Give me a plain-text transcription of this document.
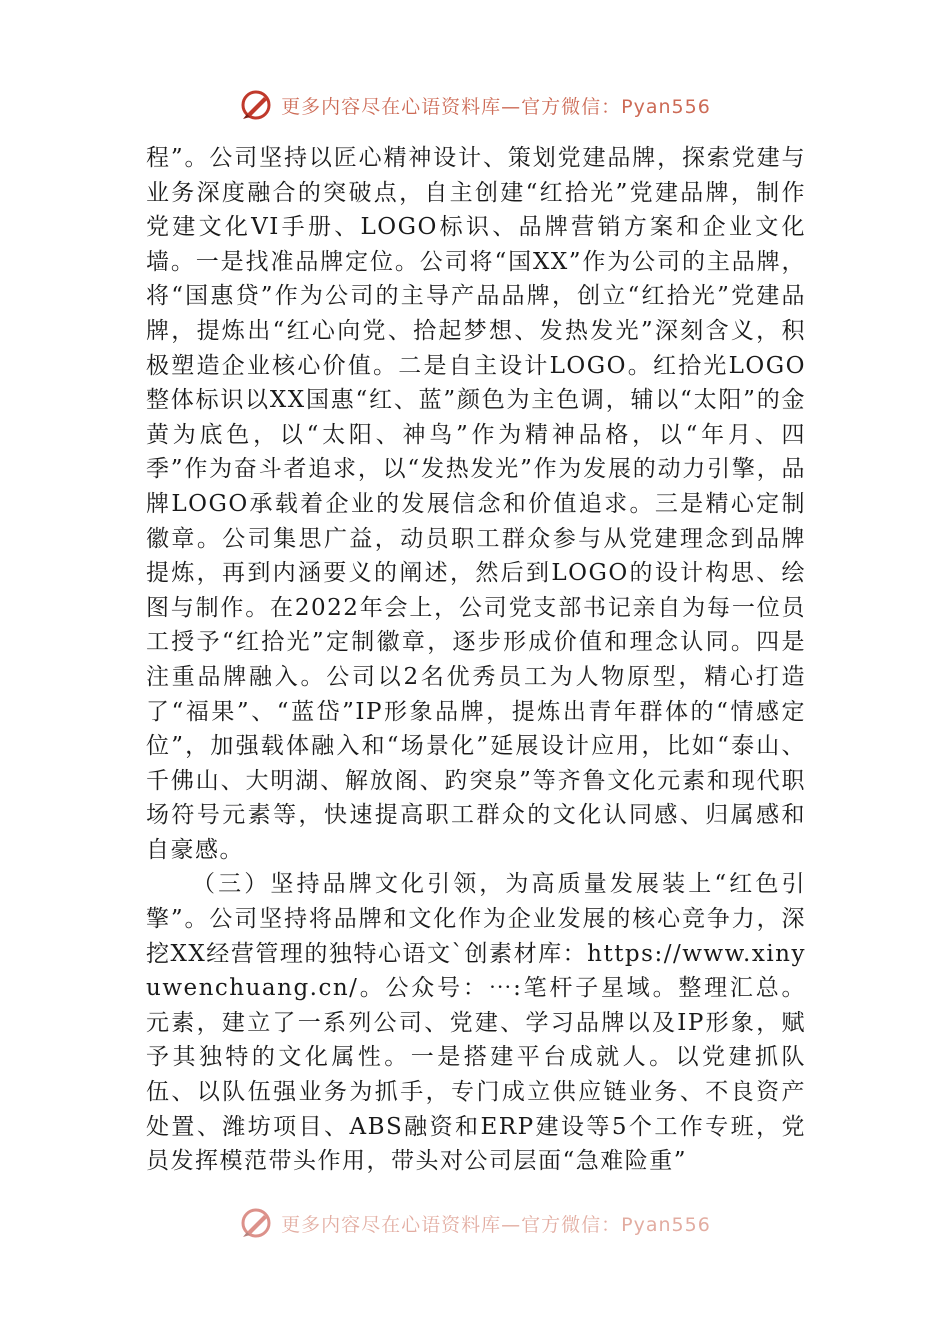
更多内容尽在心语资料库—官方微信：Pyan556

程”。公司坚持以匠心精神设计、策划党建品牌，探索党建与业务深度融合的突破点，自主创建“红拾光”党建品牌，制作党建文化VI手册、LOGO标识、品牌营销方案和企业文化墙。一是找准品牌定位。公司将“国XX”作为公司的主品牌，将“国惠贷”作为公司的主导产品品牌，创立“红拾光”党建品牌，提炼出“红心向党、拾起梦想、发热发光”深刻含义，积极塑造企业核心价值。二是自主设计LOGO。红拾光LOGO整体标识以XX国惠“红、蓝”颜色为主色调，辅以“太阳”的金黄为底色，以“太阳、神鸟”作为精神品格，以“年月、四季”作为奋斗者追求，以“发热发光”作为发展的动力引擎，品牌LOGO承载着企业的发展信念和价值追求。三是精心定制徽章。公司集思广益，动员职工群众参与从党建理念到品牌提炼，再到内涵要义的阐述，然后到LOGO的设计构思、绘图与制作。在2022年会上，公司党支部书记亲自为每一位员工授予“红拾光”定制徽章，逐步形成价值和理念认同。四是注重品牌融入。公司以2名优秀员工为人物原型，精心打造了“福果”、“蓝岱”IP形象品牌，提炼出青年群体的“情感定位”，加强载体融入和“场景化”延展设计应用，比如“泰山、千佛山、大明湖、解放阁、趵突泉”等齐鲁文化元素和现代职场符号元素等，快速提高职工群众的文化认同感、归属感和自豪感。

（三）坚持品牌文化引领，为高质量发展装上“红色引擎”。公司坚持将品牌和文化作为企业发展的核心竞争力，深挖XX经营管理的独特心语文`创素材库：https://www.xinyuwenchuang.cn/。公众号：⋯:笔杆子星域。整理汇总。元素，建立了一系列公司、党建、学习品牌以及IP形象，赋予其独特的文化属性。一是搭建平台成就人。以党建抓队伍、以队伍强业务为抓手，专门成立供应链业务、不良资产处置、潍坊项目、ABS融资和ERP建设等5个工作专班，党员发挥模范带头作用，带头对公司层面“急难险重”

更多内容尽在心语资料库—官方微信：Pyan556
